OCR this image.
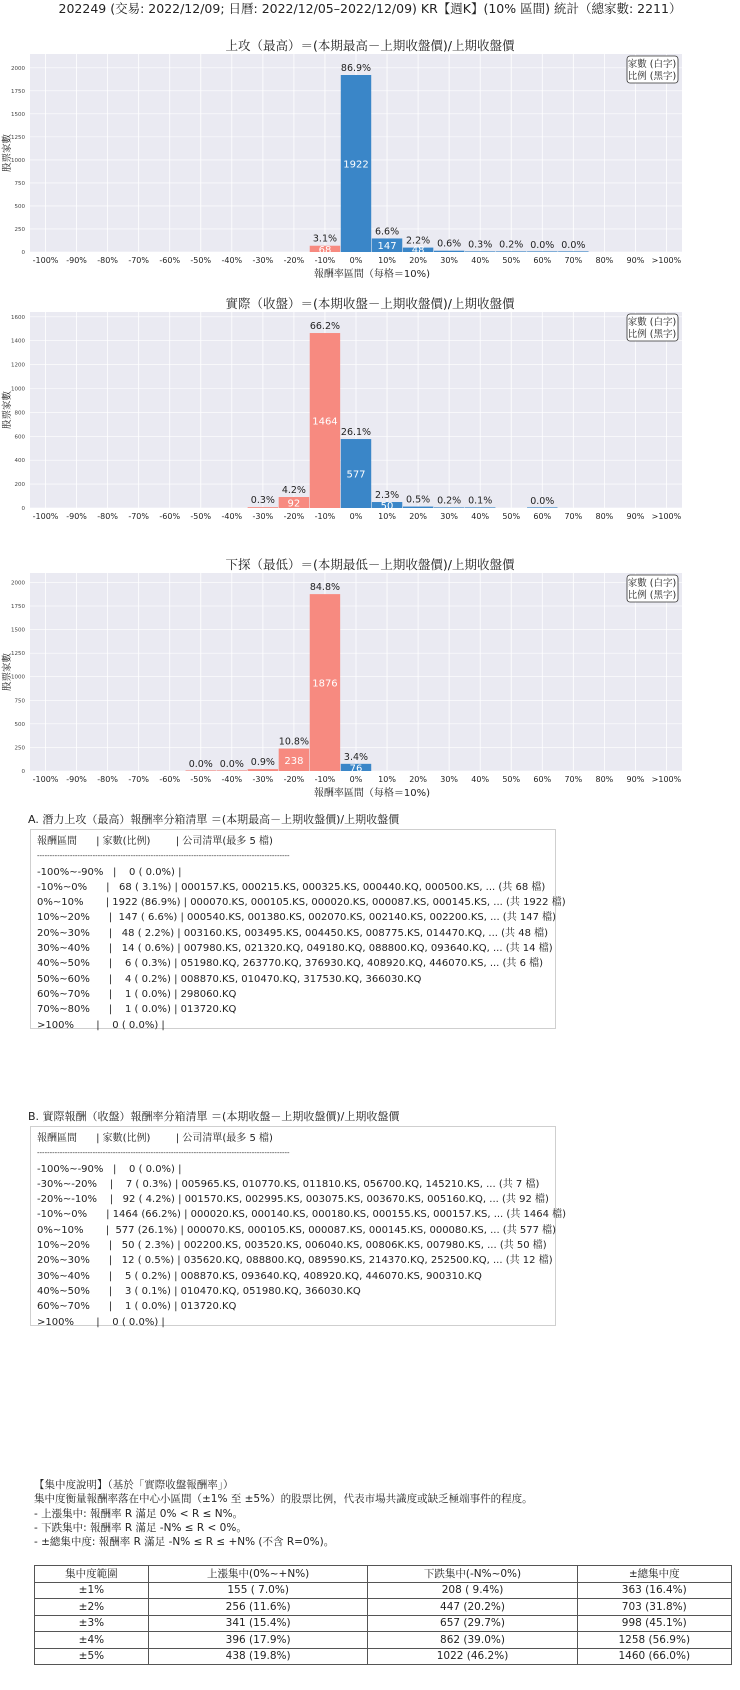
202249 (交易: 2022/12/09; 日曆: 2022/12/05–2022/12/09) KR【週K】(10% 區間) 統計（總家數: 2211）
上攻（最高）＝(本期最高－上期收盤價)/上期收盤價
0
250
500
750
1000
1250
1500
1750
2000
股票家數
68
3.1%
1922
86.9%
147
6.6%
48
2.2% 0.6% 0.3% 0.2% 0.0% 0.0%
-100% -90% -80% -70% -60% -50% -40% -30% -20% -10% 0% 10% 20% 30% 40% 50% 60% 70% 80% 90% >100%
報酬率區間（每格＝10%)
家數 (白字)
比例 (黑字)
實際（收盤）＝(本期收盤－上期收盤價)/上期收盤價
0
200
400
600
800
1000
1200
1400
1600
股票家數
0.3% 92
4.2%
1464
66.2%
577
26.1%
50
2.3% 0.5% 0.2% 0.1%	0.0%
-100% -90% -80% -70% -60% -50% -40% -30% -20% -10% 0% 10% 20% 30% 40% 50% 60% 70% 80% 90% >100%
家數 (白字)
比例 (黑字)
下探（最低）＝(本期最低－上期收盤價)/上期收盤價
0
250
500
750
1000
1250
1500
1750
2000
股票家數
0.0% 0.0% 0.9% 238
10.8%
1876
84.8%
76
3.4%
-100% -90% -80% -70% -60% -50% -40% -30% -20% -10% 0% 10% 20% 30% 40% 50% 60% 70% 80% 90% >100%
報酬率區間（每格＝10%)
家數 (白字)
比例 (黑字)
A. 潛力上攻（最高）報酬率分箱清單 ＝(本期最高－上期收盤價)/上期收盤價
報酬區間      | 家數(比例)        | 公司清單(最多 5 檔)
----------------------------------------------------------------------------------------------------
-100%~-90%   |    0 ( 0.0%) |
-10%~0%      |   68 ( 3.1%) | 000157.KS, 000215.KS, 000325.KS, 000440.KQ, 000500.KS, ... (共 68 檔)
0%~10%       | 1922 (86.9%) | 000070.KS, 000105.KS, 000020.KS, 000087.KS, 000145.KS, ... (共 1922 檔)
10%~20%      |  147 ( 6.6%) | 000540.KS, 001380.KS, 002070.KS, 002140.KS, 002200.KS, ... (共 147 檔)
20%~30%      |   48 ( 2.2%) | 003160.KS, 003495.KS, 004450.KS, 008775.KS, 014470.KQ, ... (共 48 檔)
30%~40%      |   14 ( 0.6%) | 007980.KS, 021320.KQ, 049180.KQ, 088800.KQ, 093640.KQ, ... (共 14 檔)
40%~50%      |    6 ( 0.3%) | 051980.KQ, 263770.KQ, 376930.KQ, 408920.KQ, 446070.KS, ... (共 6 檔)
50%~60%      |    4 ( 0.2%) | 008870.KS, 010470.KQ, 317530.KQ, 366030.KQ
60%~70%      |    1 ( 0.0%) | 298060.KQ
70%~80%      |    1 ( 0.0%) | 013720.KQ
>100%       |    0 ( 0.0%) |
B. 實際報酬（收盤）報酬率分箱清單 ＝(本期收盤－上期收盤價)/上期收盤價
報酬區間      | 家數(比例)        | 公司清單(最多 5 檔)
----------------------------------------------------------------------------------------------------
-100%~-90%   |    0 ( 0.0%) |
-30%~-20%    |    7 ( 0.3%) | 005965.KS, 010770.KS, 011810.KS, 056700.KQ, 145210.KS, ... (共 7 檔)
-20%~-10%    |   92 ( 4.2%) | 001570.KS, 002995.KS, 003075.KS, 003670.KS, 005160.KQ, ... (共 92 檔)
-10%~0%      | 1464 (66.2%) | 000020.KS, 000140.KS, 000180.KS, 000155.KS, 000157.KS, ... (共 1464 檔)
0%~10%       |  577 (26.1%) | 000070.KS, 000105.KS, 000087.KS, 000145.KS, 000080.KS, ... (共 577 檔)
10%~20%      |   50 ( 2.3%) | 002200.KS, 003520.KS, 006040.KS, 00806K.KS, 007980.KS, ... (共 50 檔)
20%~30%      |   12 ( 0.5%) | 035620.KQ, 088800.KQ, 089590.KS, 214370.KQ, 252500.KQ, ... (共 12 檔)
30%~40%      |    5 ( 0.2%) | 008870.KS, 093640.KQ, 408920.KQ, 446070.KS, 900310.KQ
40%~50%      |    3 ( 0.1%) | 010470.KQ, 051980.KQ, 366030.KQ
60%~70%      |    1 ( 0.0%) | 013720.KQ
>100%       |    0 ( 0.0%) |
【集中度說明】（基於「實際收盤報酬率」）
集中度衡量報酬率落在中心小區間（±1% 至 ±5%）的股票比例，代表市場共識度或缺乏極端事件的程度。
- 上漲集中: 報酬率 R 滿足 0% < R ≤ N%。
- 下跌集中: 報酬率 R 滿足 -N% ≤ R < 0%。
- ±總集中度: 報酬率 R 滿足 -N% ≤ R ≤ +N% (不含 R=0%)。
集中度範圍	上漲集中(0%~+N%)	下跌集中(-N%~0%)	±總集中度
±1%	155 ( 7.0%)	208 ( 9.4%)	363 (16.4%)
±2%	256 (11.6%)	447 (20.2%)	703 (31.8%)
±3%	341 (15.4%)	657 (29.7%)	998 (45.1%)
±4%	396 (17.9%)	862 (39.0%)	1258 (56.9%)
±5%	438 (19.8%)	1022 (46.2%)	1460 (66.0%)
